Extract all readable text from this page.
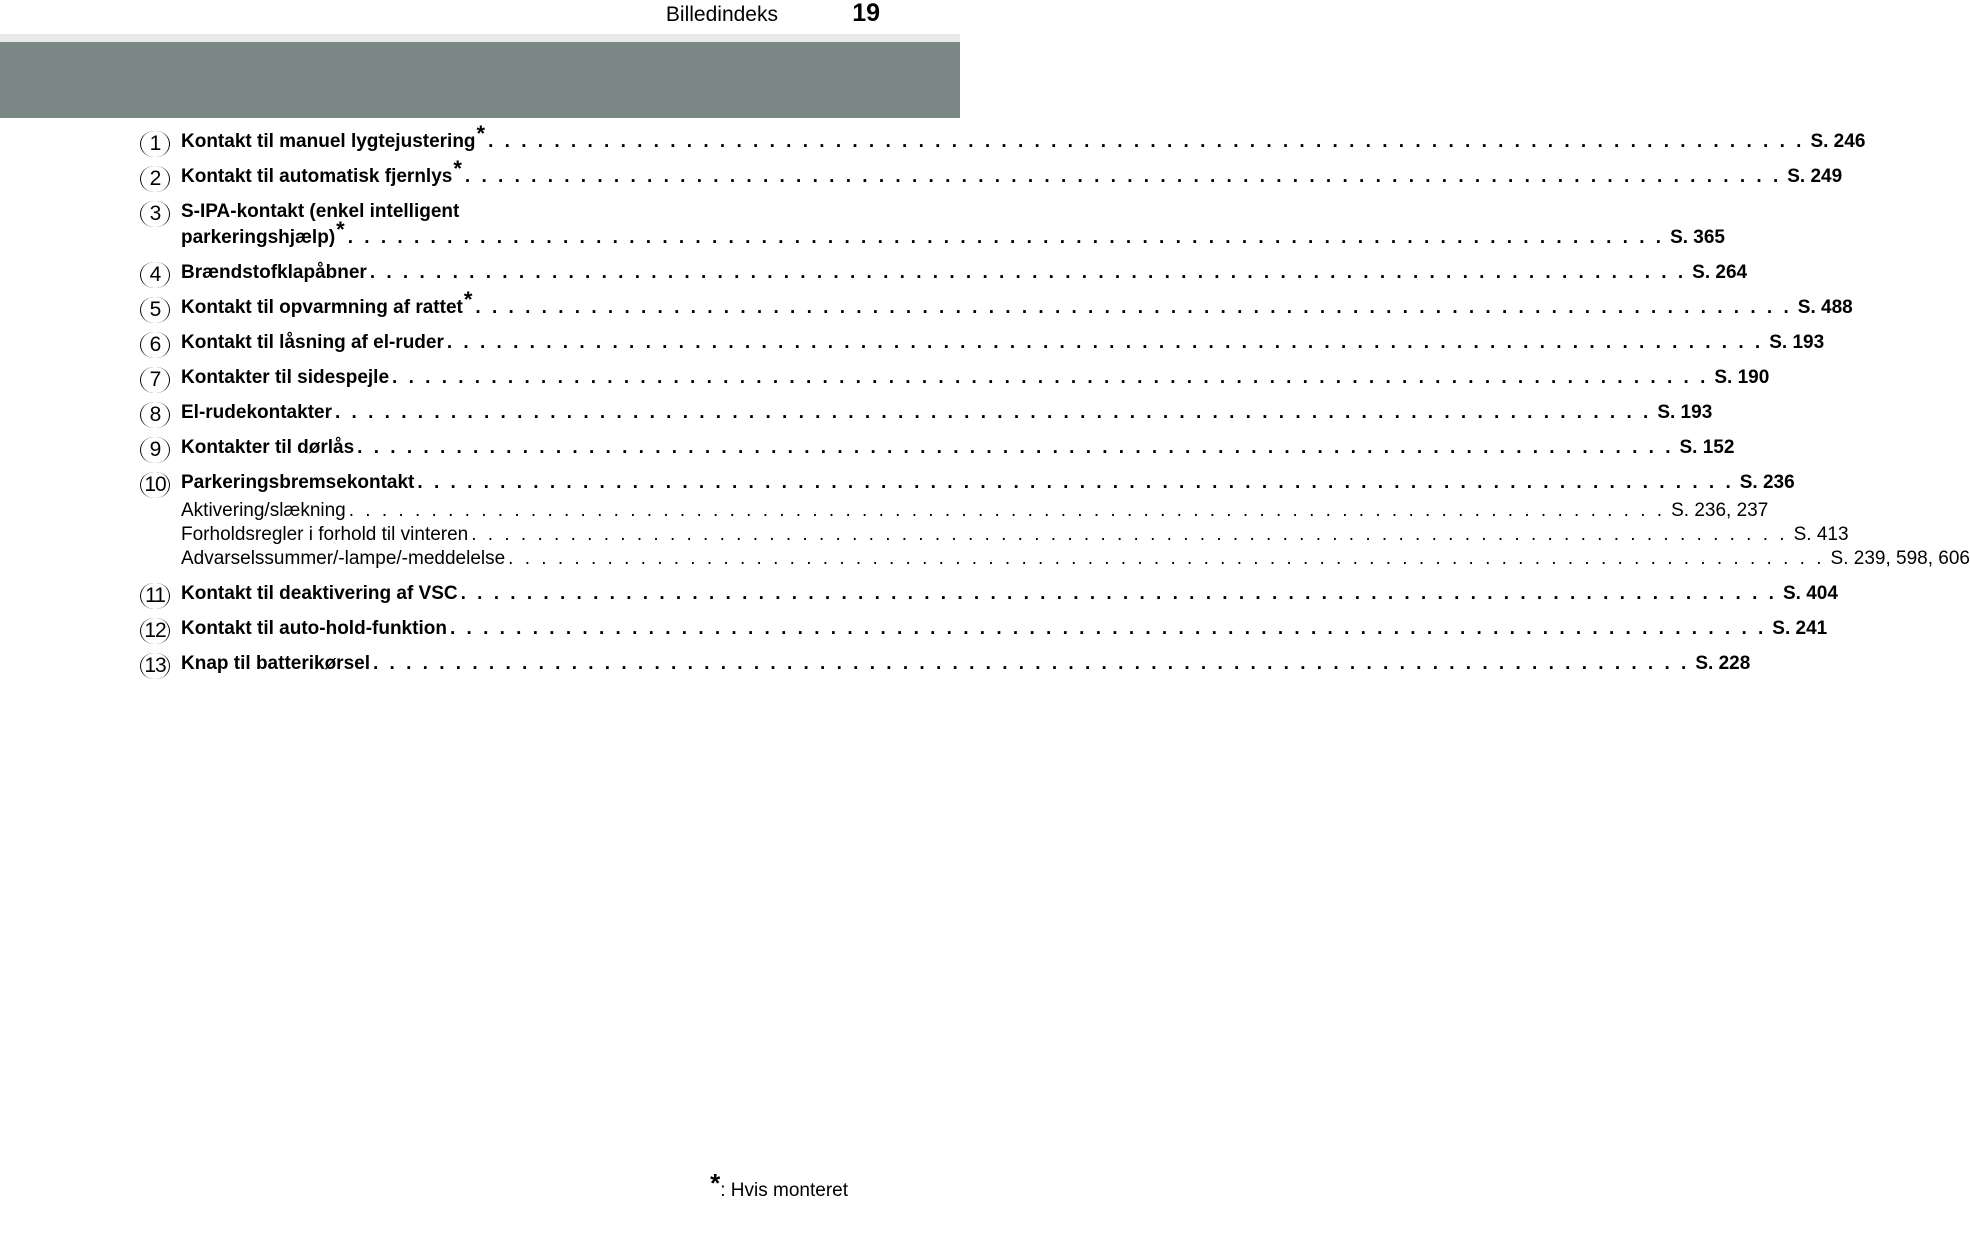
Billedindeks	19
1	Kontakt til manuel lygtejustering* . . . . . . . . . . . . . . . . . . . . . . . . . . . . . . . . . . . . . . . . . . . . . . . . . . . . . . . . . . . . . . . . . . . . . . . . . . . . . . . . S. 246
2	Kontakt til automatisk fjernlys* . . . . . . . . . . . . . . . . . . . . . . . . . . . . . . . . . . . . . . . . . . . . . . . . . . . . . . . . . . . . . . . . . . . . . . . . . . . . . . . . S. 249
3	S-IPA-kontakt (enkel intelligent
parkeringshjælp)* . . . . . . . . . . . . . . . . . . . . . . . . . . . . . . . . . . . . . . . . . . . . . . . . . . . . . . . . . . . . . . . . . . . . . . . . . . . . . . . . S. 365
4	Brændstofklapåbner . . . . . . . . . . . . . . . . . . . . . . . . . . . . . . . . . . . . . . . . . . . . . . . . . . . . . . . . . . . . . . . . . . . . . . . . . . . . . . . . S. 264
5	Kontakt til opvarmning af rattet* . . . . . . . . . . . . . . . . . . . . . . . . . . . . . . . . . . . . . . . . . . . . . . . . . . . . . . . . . . . . . . . . . . . . . . . . . . . . . . . . S. 488
6	Kontakt til låsning af el-ruder . . . . . . . . . . . . . . . . . . . . . . . . . . . . . . . . . . . . . . . . . . . . . . . . . . . . . . . . . . . . . . . . . . . . . . . . . . . . . . . . S. 193
7	Kontakter til sidespejle . . . . . . . . . . . . . . . . . . . . . . . . . . . . . . . . . . . . . . . . . . . . . . . . . . . . . . . . . . . . . . . . . . . . . . . . . . . . . . . . S. 190
8	El-rudekontakter . . . . . . . . . . . . . . . . . . . . . . . . . . . . . . . . . . . . . . . . . . . . . . . . . . . . . . . . . . . . . . . . . . . . . . . . . . . . . . . . S. 193
9	Kontakter til dørlås . . . . . . . . . . . . . . . . . . . . . . . . . . . . . . . . . . . . . . . . . . . . . . . . . . . . . . . . . . . . . . . . . . . . . . . . . . . . . . . . S. 152
10 Parkeringsbremsekontakt . . . . . . . . . . . . . . . . . . . . . . . . . . . . . . . . . . . . . . . . . . . . . . . . . . . . . . . . . . . . . . . . . . . . . . . . . . . . . . . . S. 236
Aktivering/slækning . . . . . . . . . . . . . . . . . . . . . . . . . . . . . . . . . . . . . . . . . . . . . . . . . . . . . . . . . . . . . . . . . . . . . . . . . . . . . . . . S. 236, 237
Forholdsregler i forhold til vinteren . . . . . . . . . . . . . . . . . . . . . . . . . . . . . . . . . . . . . . . . . . . . . . . . . . . . . . . . . . . . . . . . . . . . . . . . . . . . . . . . S. 413
Advarselssummer/-lampe/-meddelelse . . . . . . . . . . . . . . . . . . . . . . . . . . . . . . . . . . . . . . . . . . . . . . . . . . . . . . . . . . . . . . . . . . . . . . . . . . . . . . . . S. 239, 598, 606
11 Kontakt til deaktivering af VSC . . . . . . . . . . . . . . . . . . . . . . . . . . . . . . . . . . . . . . . . . . . . . . . . . . . . . . . . . . . . . . . . . . . . . . . . . . . . . . . . S. 404
12 Kontakt til auto-hold-funktion . . . . . . . . . . . . . . . . . . . . . . . . . . . . . . . . . . . . . . . . . . . . . . . . . . . . . . . . . . . . . . . . . . . . . . . . . . . . . . . . S. 241
13 Knap til batterikørsel . . . . . . . . . . . . . . . . . . . . . . . . . . . . . . . . . . . . . . . . . . . . . . . . . . . . . . . . . . . . . . . . . . . . . . . . . . . . . . . . S. 228
*: Hvis monteret
